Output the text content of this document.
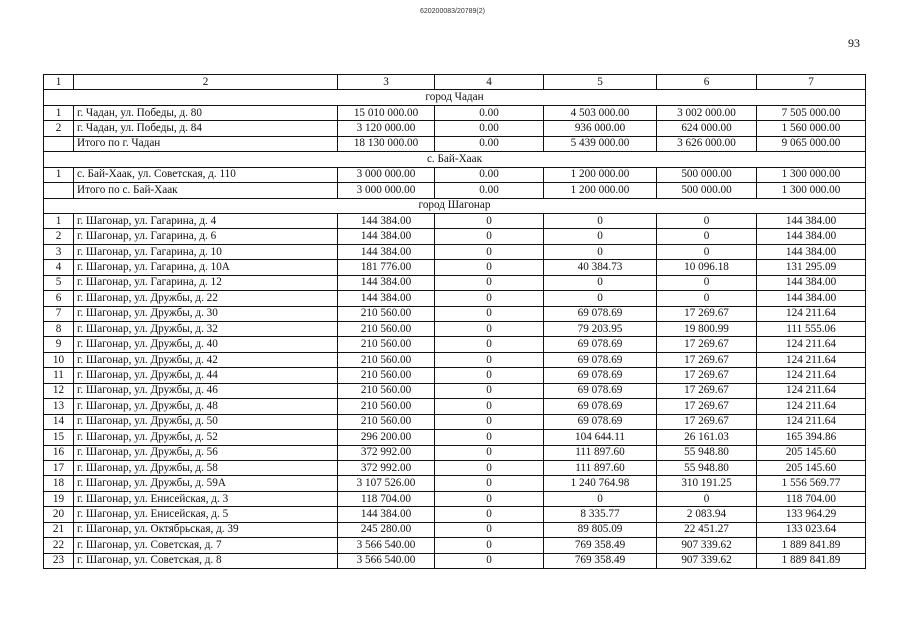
620200083/20789(2)
93
1	2	3	4	5	6	7
город Чадан						
1	г. Чадан, ул. Победы, д. 80	15 010 000.00	0.00	4 503 000.00	3 002 000.00	7 505 000.00
2	г. Чадан, ул. Победы, д. 84	3 120 000.00	0.00	936 000.00	624 000.00	1 560 000.00
	Итого по г. Чадан	18 130 000.00	0.00	5 439 000.00	3 626 000.00	9 065 000.00
с. Бай-Хаак						
1	с. Бай-Хаак, ул. Советская, д. 110	3 000 000.00	0.00	1 200 000.00	500 000.00	1 300 000.00
	Итого по с. Бай-Хаак	3 000 000.00	0.00	1 200 000.00	500 000.00	1 300 000.00
город Шагонар						
1	г. Шагонар, ул. Гагарина, д. 4	144 384.00	0	0	0	144 384.00
2	г. Шагонар, ул. Гагарина, д. 6	144 384.00	0	0	0	144 384.00
3	г. Шагонар, ул. Гагарина, д. 10	144 384.00	0	0	0	144 384.00
4	г. Шагонар, ул. Гагарина, д. 10А	181 776.00	0	40 384.73	10 096.18	131 295.09
5	г. Шагонар, ул. Гагарина, д. 12	144 384.00	0	0	0	144 384.00
6	г. Шагонар, ул. Дружбы, д. 22	144 384.00	0	0	0	144 384.00
7	г. Шагонар, ул. Дружбы, д. 30	210 560.00	0	69 078.69	17 269.67	124 211.64
8	г. Шагонар, ул. Дружбы, д. 32	210 560.00	0	79 203.95	19 800.99	111 555.06
9	г. Шагонар, ул. Дружбы, д. 40	210 560.00	0	69 078.69	17 269.67	124 211.64
10	г. Шагонар, ул. Дружбы, д. 42	210 560.00	0	69 078.69	17 269.67	124 211.64
11	г. Шагонар, ул. Дружбы, д. 44	210 560.00	0	69 078.69	17 269.67	124 211.64
12	г. Шагонар, ул. Дружбы, д. 46	210 560.00	0	69 078.69	17 269.67	124 211.64
13	г. Шагонар, ул. Дружбы, д. 48	210 560.00	0	69 078.69	17 269.67	124 211.64
14	г. Шагонар, ул. Дружбы, д. 50	210 560.00	0	69 078.69	17 269.67	124 211.64
15	г. Шагонар, ул. Дружбы, д. 52	296 200.00	0	104 644.11	26 161.03	165 394.86
16	г. Шагонар, ул. Дружбы, д. 56	372 992.00	0	111 897.60	55 948.80	205 145.60
17	г. Шагонар, ул. Дружбы, д. 58	372 992.00	0	111 897.60	55 948.80	205 145.60
18	г. Шагонар, ул. Дружбы, д. 59А	3 107 526.00	0	1 240 764.98	310 191.25	1 556 569.77
19	г. Шагонар, ул. Енисейская, д. 3	118 704.00	0	0	0	118 704.00
20	г. Шагонар, ул. Енисейская, д. 5	144 384.00	0	8 335.77	2 083.94	133 964.29
21	г. Шагонар, ул. Октябрьская, д. 39	245 280.00	0	89 805.09	22 451.27	133 023.64
22	г. Шагонар, ул. Советская, д. 7	3 566 540.00	0	769 358.49	907 339.62	1 889 841.89
23	г. Шагонар, ул. Советская, д. 8	3 566 540.00	0	769 358.49	907 339.62	1 889 841.89
